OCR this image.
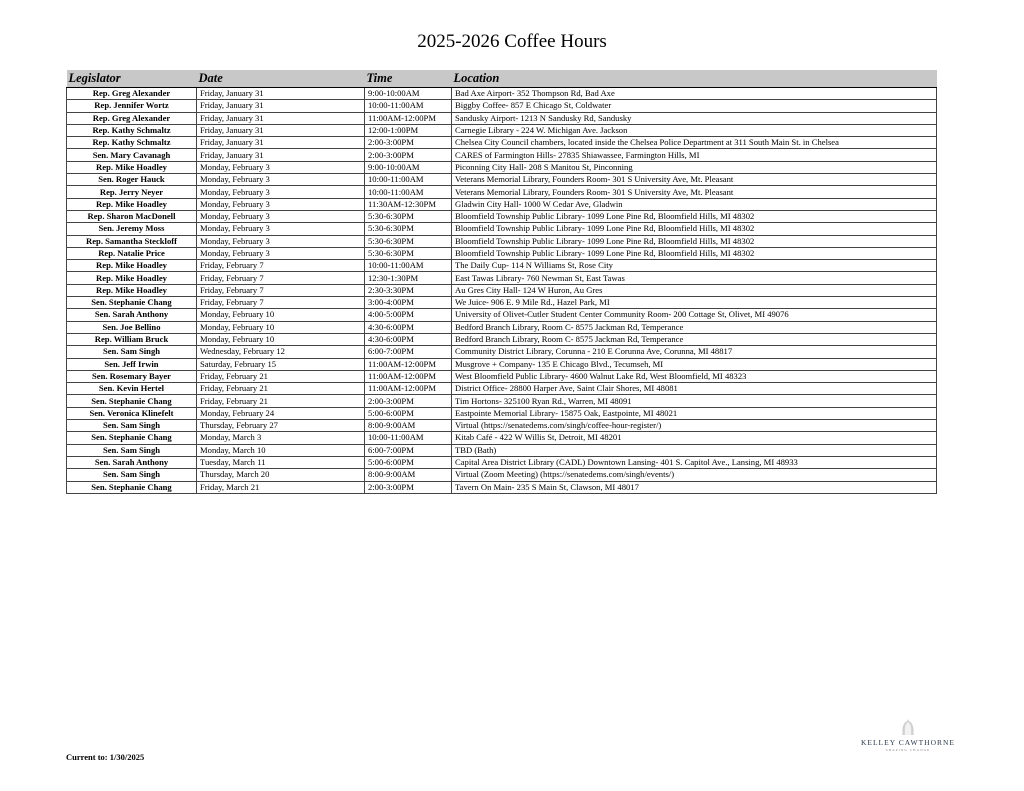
2025-2026 Coffee Hours
Legislator	Date	Time	Location
Rep. Greg Alexander	Friday, January 31	9:00-10:00AM	Bad Axe Airport- 352 Thompson Rd, Bad Axe
Rep. Jennifer Wortz	Friday, January 31	10:00-11:00AM	Biggby Coffee- 857 E Chicago St, Coldwater
Rep. Greg Alexander	Friday, January 31	11:00AM-12:00PM	Sandusky Airport- 1213 N Sandusky Rd, Sandusky
Rep. Kathy Schmaltz	Friday, January 31	12:00-1:00PM	Carnegie Library - 224 W. Michigan Ave. Jackson
Rep. Kathy Schmaltz	Friday, January 31	2:00-3:00PM	Chelsea City Council chambers, located inside the Chelsea Police Department at 311 South Main St. in Chelsea
Sen. Mary Cavanagh	Friday, January 31	2:00-3:00PM	CARES of Farmington Hills- 27835 Shiawassee, Farmington Hills, MI
Rep. Mike Hoadley	Monday, February 3	9:00-10:00AM	Piconning City Hall- 208 S Manitou St, Pinconning
Sen. Roger Hauck	Monday, February 3	10:00-11:00AM	Veterans Memorial Library, Founders Room- 301 S University Ave, Mt. Pleasant
Rep. Jerry Neyer	Monday, February 3	10:00-11:00AM	Veterans Memorial Library, Founders Room- 301 S University Ave, Mt. Pleasant
Rep. Mike Hoadley	Monday, February 3	11:30AM-12:30PM	Gladwin City Hall- 1000 W Cedar Ave, Gladwin
Rep. Sharon MacDonell	Monday, February 3	5:30-6:30PM	Bloomfield Township Public Library- 1099 Lone Pine Rd, Bloomfield Hills, MI 48302
Sen. Jeremy Moss	Monday, February 3	5:30-6:30PM	Bloomfield Township Public Library- 1099 Lone Pine Rd, Bloomfield Hills, MI 48302
Rep. Samantha Steckloff	Monday, February 3	5:30-6:30PM	Bloomfield Township Public Library- 1099 Lone Pine Rd, Bloomfield Hills, MI 48302
Rep. Natalie Price	Monday, February 3	5:30-6:30PM	Bloomfield Township Public Library- 1099 Lone Pine Rd, Bloomfield Hills, MI 48302
Rep. Mike Hoadley	Friday, February 7	10:00-11:00AM	The Daily Cup- 114 N Williams St, Rose City
Rep. Mike Hoadley	Friday, February 7	12:30-1:30PM	East Tawas Library- 760 Newman St, East Tawas
Rep. Mike Hoadley	Friday, February 7	2:30-3:30PM	Au Gres City Hall- 124 W Huron, Au Gres
Sen. Stephanie Chang	Friday, February 7	3:00-4:00PM	We Juice- 906 E. 9 Mile Rd., Hazel Park, MI
Sen. Sarah Anthony	Monday, February 10	4:00-5:00PM	University of Olivet-Cutler Student Center Community Room- 200 Cottage St, Olivet, MI 49076
Sen. Joe Bellino	Monday, February 10	4:30-6:00PM	Bedford Branch Library, Room C- 8575 Jackman Rd, Temperance
Rep. William Bruck	Monday, February 10	4:30-6:00PM	Bedford Branch Library, Room C- 8575 Jackman Rd, Temperance
Sen. Sam Singh	Wednesday, February 12	6:00-7:00PM	Community District Library, Corunna - 210 E Corunna Ave, Corunna, MI 48817
Sen. Jeff Irwin	Saturday, February 15	11:00AM-12:00PM	Musgrove + Company- 135 E Chicago Blvd., Tecumseh, MI
Sen. Rosemary Bayer	Friday, February 21	11:00AM-12:00PM	West Bloomfield Public Library- 4600 Walnut Lake Rd, West Bloomfield, MI 48323
Sen. Kevin Hertel	Friday, February 21	11:00AM-12:00PM	District Office- 28800 Harper Ave, Saint Clair Shores, MI 48081
Sen. Stephanie Chang	Friday, February 21	2:00-3:00PM	Tim Hortons- 325100 Ryan Rd., Warren, MI 48091
Sen. Veronica Klinefelt	Monday, February 24	5:00-6:00PM	Eastpointe Memorial Library- 15875 Oak, Eastpointe, MI 48021
Sen. Sam Singh	Thursday, February 27	8:00-9:00AM	Virtual (https://senatedems.com/singh/coffee-hour-register/)
Sen. Stephanie Chang	Monday, March 3	10:00-11:00AM	Kitab Café - 422 W Willis St, Detroit, MI 48201
Sen. Sam Singh	Monday, March 10	6:00-7:00PM	TBD (Bath)
Sen. Sarah Anthony	Tuesday, March 11	5:00-6:00PM	Capital Area District Library (CADL) Downtown Lansing- 401 S. Capitol Ave., Lansing, MI 48933
Sen. Sam Singh	Thursday, March 20	8:00-9:00AM	Virtual (Zoom Meeting) (https://senatedems.com/singh/events/)
Sen. Stephanie Chang	Friday, March 21	2:00-3:00PM	Tavern On Main- 235 S Main St, Clawson, MI 48017
Current to: 1/30/2025
KELLEY CAWTHORNE
SHAPING CHANGE
